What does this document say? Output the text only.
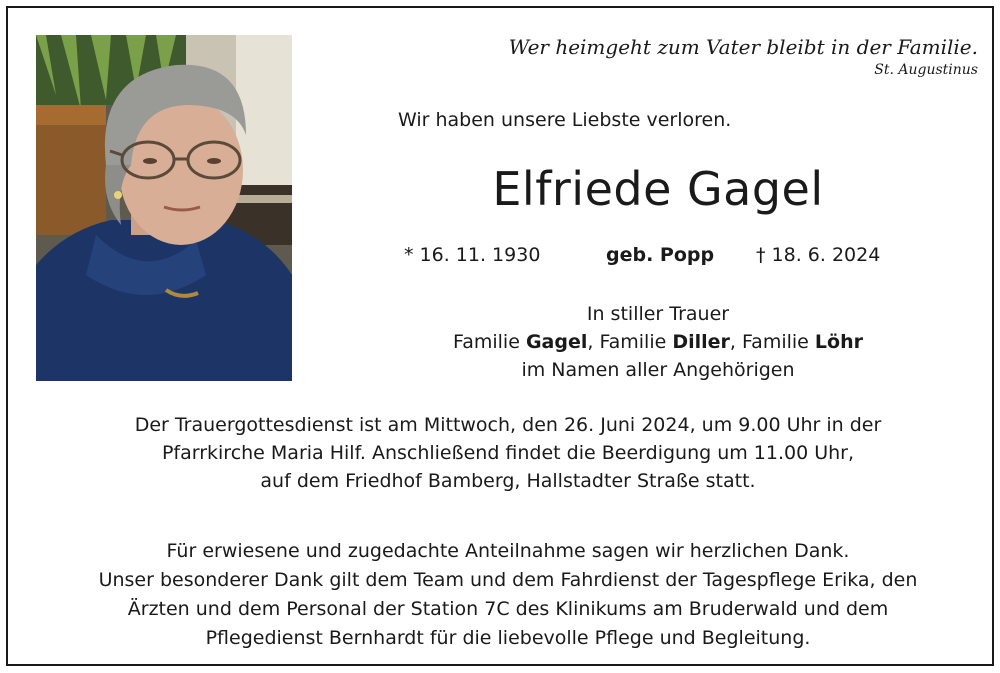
Wer heimgeht zum Vater bleibt in der Familie.
St. Augustinus
Wir haben unsere Liebste verloren.
Elfriede Gagel
* 16. 11. 1930	geb. Popp † 18. 6. 2024
In stiller Trauer
Familie Gagel, Familie Diller, Familie Löhr
im Namen aller Angehörigen
Der Trauergottesdienst ist am Mittwoch, den 26. Juni 2024, um 9.00 Uhr in der
Pfarrkirche Maria Hilf. Anschließend findet die Beerdigung um 11.00 Uhr,
auf dem Friedhof Bamberg, Hallstadter Straße statt.
Für erwiesene und zugedachte Anteilnahme sagen wir herzlichen Dank.
Unser besonderer Dank gilt dem Team und dem Fahrdienst der Tagespflege Erika, den
Ärzten und dem Personal der Station 7C des Klinikums am Bruderwald und dem
Pflegedienst Bernhardt für die liebevolle Pflege und Begleitung.
